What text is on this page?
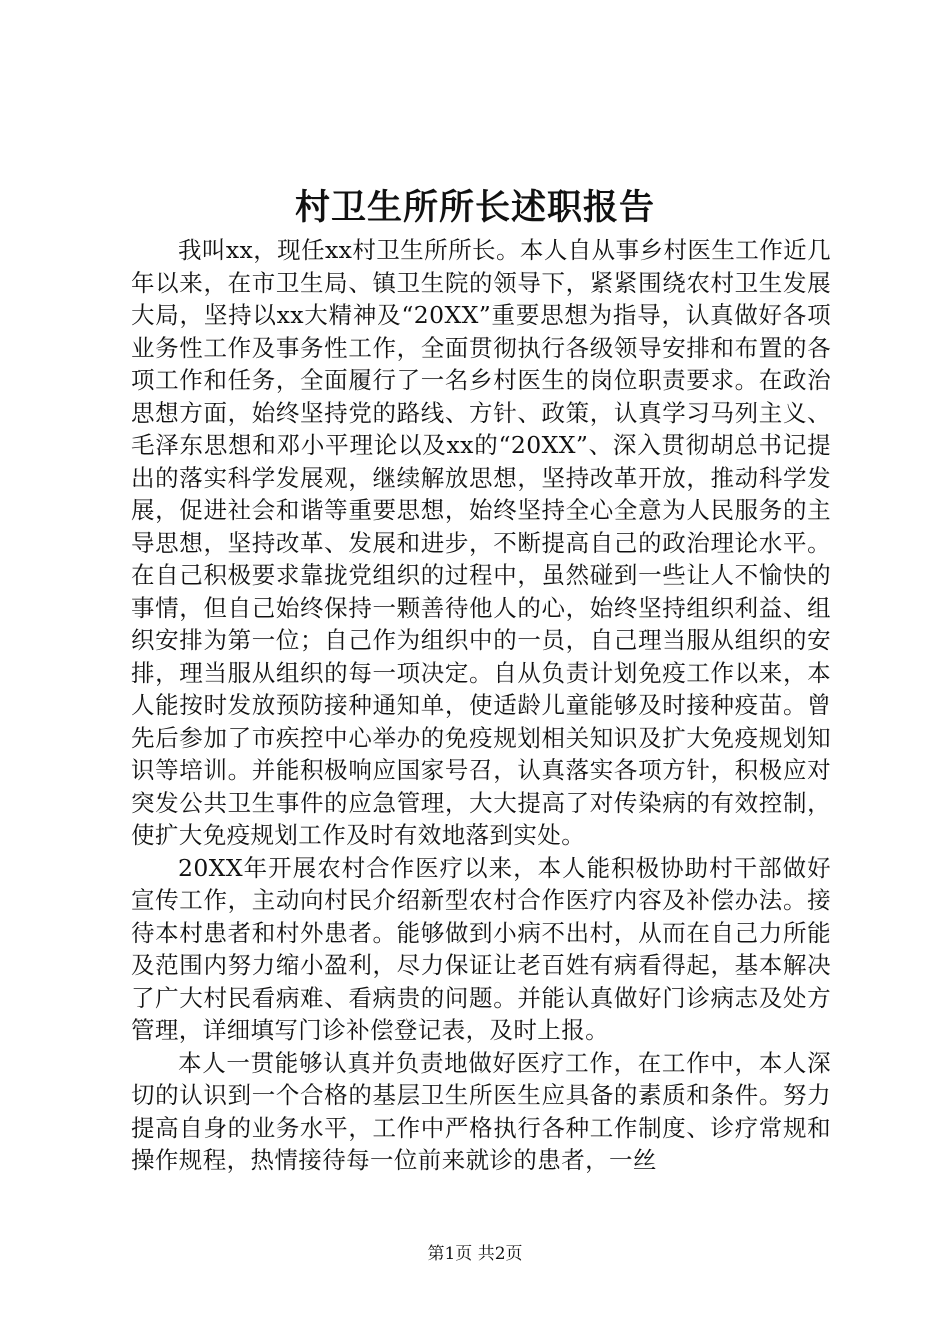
村卫生所所长述职报告

我叫xx，现任xx村卫生所所长。本人自从事乡村医生工作近几年以来，在市卫生局、镇卫生院的领导下，紧紧围绕农村卫生发展大局，坚持以xx大精神及“20XX”重要思想为指导，认真做好各项业务性工作及事务性工作，全面贯彻执行各级领导安排和布置的各项工作和任务，全面履行了一名乡村医生的岗位职责要求。在政治思想方面，始终坚持党的路线、方针、政策，认真学习马列主义、毛泽东思想和邓小平理论以及xx的“20XX”、深入贯彻胡总书记提出的落实科学发展观，继续解放思想，坚持改革开放，推动科学发展，促进社会和谐等重要思想，始终坚持全心全意为人民服务的主导思想，坚持改革、发展和进步，不断提高自己的政治理论水平。在自己积极要求靠拢党组织的过程中，虽然碰到一些让人不愉快的事情，但自己始终保持一颗善待他人的心，始终坚持组织利益、组织安排为第一位；自己作为组织中的一员，自己理当服从组织的安排，理当服从组织的每一项决定。自从负责计划免疫工作以来，本人能按时发放预防接种通知单，使适龄儿童能够及时接种疫苗。曾先后参加了市疾控中心举办的免疫规划相关知识及扩大免疫规划知识等培训。并能积极响应国家号召，认真落实各项方针，积极应对突发公共卫生事件的应急管理，大大提高了对传染病的有效控制，使扩大免疫规划工作及时有效地落到实处。

20XX年开展农村合作医疗以来，本人能积极协助村干部做好宣传工作，主动向村民介绍新型农村合作医疗内容及补偿办法。接待本村患者和村外患者。能够做到小病不出村，从而在自己力所能及范围内努力缩小盈利，尽力保证让老百姓有病看得起，基本解决了广大村民看病难、看病贵的问题。并能认真做好门诊病志及处方管理，详细填写门诊补偿登记表，及时上报。

本人一贯能够认真并负责地做好医疗工作，在工作中，本人深切的认识到一个合格的基层卫生所医生应具备的素质和条件。努力提高自身的业务水平，工作中严格执行各种工作制度、诊疗常规和操作规程，热情接待每一位前来就诊的患者，一丝

第1页 共2页
